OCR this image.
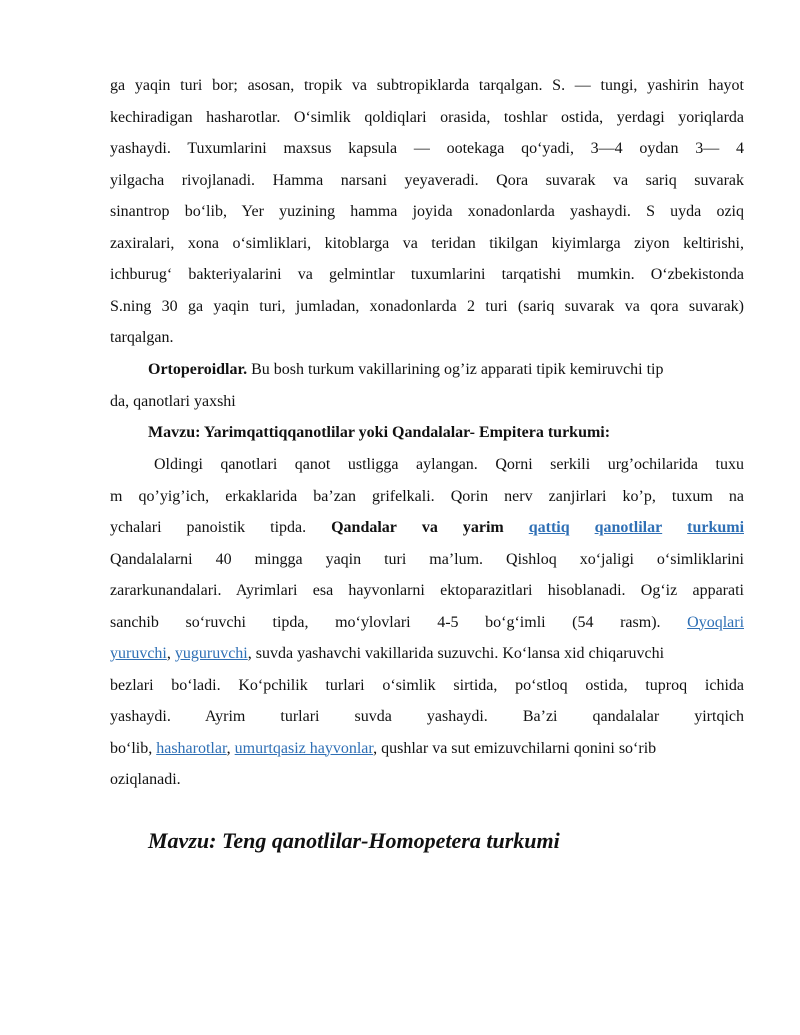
ga yaqin turi bor; asosan, tropik va subtropiklarda tarqalgan. S. — tungi, yashirin hayot
kechiradigan hasharotlar. O‘simlik qoldiqlari orasida, toshlar ostida, yerdagi yoriqlarda
yashaydi. Tuxumlarini maxsus kapsula — ootekaga qo‘yadi, 3—4 oydan 3— 4
yilgacha rivojlanadi. Hamma narsani yeyaveradi. Qora suvarak va sariq suvarak
sinantrop bo‘lib, Yer yuzining hamma joyida xonadonlarda yashaydi. S uyda oziq
zaxiralari, xona o‘simliklari, kitoblarga va teridan tikilgan kiyimlarga ziyon keltirishi,
ichburug‘ bakteriyalarini va gelmintlar tuxumlarini tarqatishi mumkin. O‘zbekistonda
S.ning 30 ga yaqin turi, jumladan, xonadonlarda 2 turi (sariq suvarak va qora suvarak)
tarqalgan.
Ortoperoidlar. Bu bosh turkum vakillarining og’iz apparati tipik kemiruvchi tip
da, qanotlari yaxshi
Mavzu: Yarimqattiqqanotlilar yoki Qandalalar- Empitera turkumi:
Oldingi qanotlari qanot ustligga aylangan. Qorni serkili urg’ochilarida tuxu
m qo’yig’ich, erkaklarida ba’zan grifelkali. Qorin nerv zanjirlari ko’p, tuxum na
ychalari panoistik tipda. Qandalar va yarim qattiq qanotlilar turkumi
Qandalalarni 40 mingga yaqin turi ma’lum. Qishloq xo‘jaligi o‘simliklarini
zararkunandalari. Ayrimlari esa hayvonlarni ektoparazitlari hisoblanadi. Og‘iz apparati
sanchib so‘ruvchi tipda, mo‘ylovlari 4-5 bo‘g‘imli (54 rasm). Oyoqlari
yuruvchi, yuguruvchi, suvda yashavchi vakillarida suzuvchi. Ko‘lansa xid chiqaruvchi
bezlari bo‘ladi. Ko‘pchilik turlari o‘simlik sirtida, po‘stloq ostida, tuproq ichida
yashaydi. Ayrim turlari suvda yashaydi. Ba’zi qandalalar yirtqich
bo‘lib, hasharotlar, umurtqasiz hayvonlar, qushlar va sut emizuvchilarni qonini so‘rib
oziqlanadi.
Mavzu: Teng qanotlilar-Homopetera turkumi
